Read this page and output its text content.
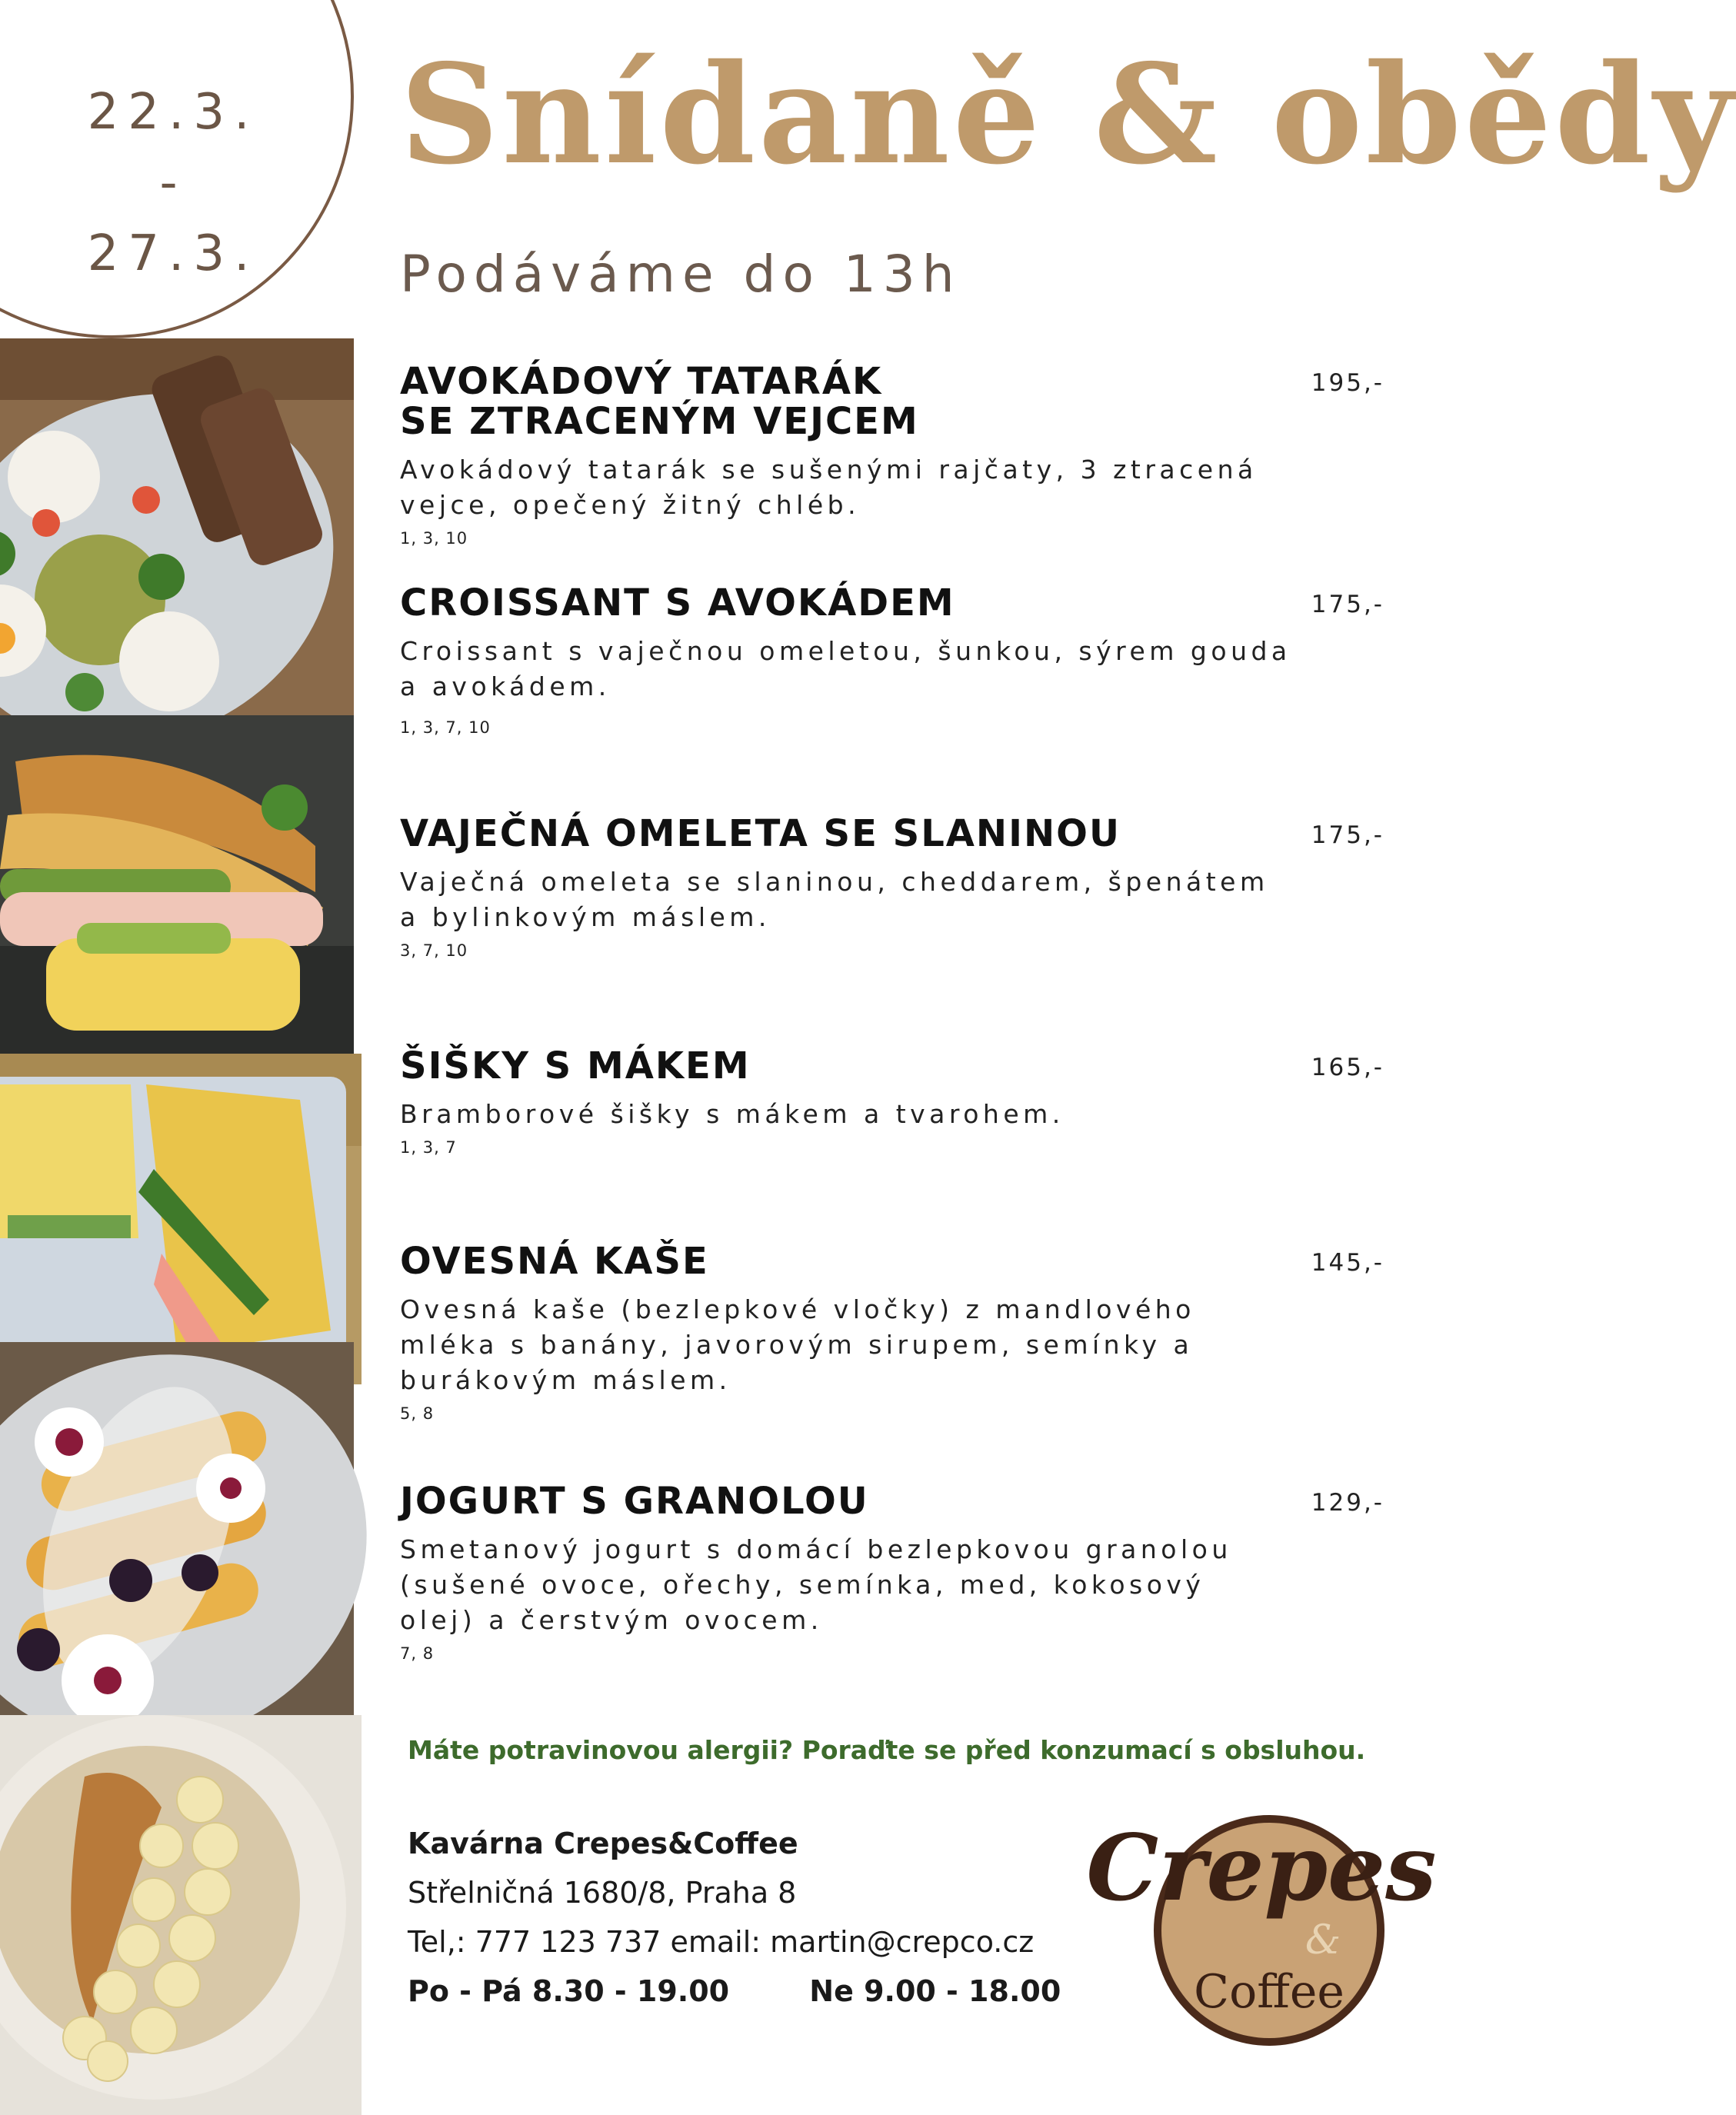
22.3.
-
27.3.
Snídaně & obědy
Podáváme do 13h
AVOKÁDOVÝ TATARÁK
SE ZTRACENÝM VEJCEM
195,-
Avokádový tatarák se sušenými rajčaty, 3 ztracená vejce, opečený žitný chléb.
1, 3, 10
CROISSANT S AVOKÁDEM	175,-
Croissant s vaječnou omeletou, šunkou, sýrem gouda a avokádem.
1, 3, 7, 10
VAJEČNÁ OMELETA SE SLANINOU	175,-
Vaječná omeleta se slaninou, cheddarem, špenátem a bylinkovým máslem.
3, 7, 10
ŠIŠKY S MÁKEM	165,-
Bramborové šišky s mákem a tvarohem.
1, 3, 7
OVESNÁ KAŠE	145,-
Ovesná kaše (bezlepkové vločky) z mandlového mléka s banány, javorovým sirupem, semínky a burákovým máslem.
5, 8
JOGURT S GRANOLOU	129,-
Smetanový jogurt s domácí bezlepkovou granolou (sušené ovoce, ořechy, semínka, med, kokosový olej) a čerstvým ovocem.
7, 8
Máte potravinovou alergii? Poraďte se před konzumací s obsluhou.
Kavárna Crepes&Coffee
Střelničná 1680/8, Praha 8
Tel,: 777 123 737 email: martin@crepco.cz
Po - Pá 8.30 - 19.00	Ne 9.00 - 18.00
Crepes
&
Coffee
